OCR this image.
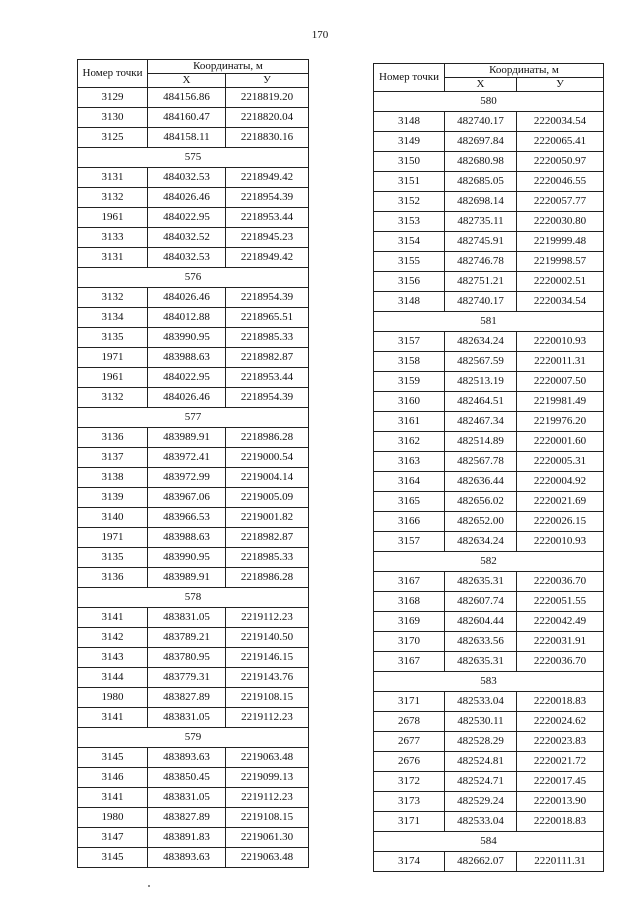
170
Номер точки	Координаты, м	
	X	У
3129	484156.86	2218819.20
3130	484160.47	2218820.04
3125	484158.11	2218830.16
575		
3131	484032.53	2218949.42
3132	484026.46	2218954.39
1961	484022.95	2218953.44
3133	484032.52	2218945.23
3131	484032.53	2218949.42
576		
3132	484026.46	2218954.39
3134	484012.88	2218965.51
3135	483990.95	2218985.33
1971	483988.63	2218982.87
1961	484022.95	2218953.44
3132	484026.46	2218954.39
577		
3136	483989.91	2218986.28
3137	483972.41	2219000.54
3138	483972.99	2219004.14
3139	483967.06	2219005.09
3140	483966.53	2219001.82
1971	483988.63	2218982.87
3135	483990.95	2218985.33
3136	483989.91	2218986.28
578		
3141	483831.05	2219112.23
3142	483789.21	2219140.50
3143	483780.95	2219146.15
3144	483779.31	2219143.76
1980	483827.89	2219108.15
3141	483831.05	2219112.23
579		
3145	483893.63	2219063.48
3146	483850.45	2219099.13
3141	483831.05	2219112.23
1980	483827.89	2219108.15
3147	483891.83	2219061.30
3145	483893.63	2219063.48
Номер точки	Координаты, м	
	X	У
580		
3148	482740.17	2220034.54
3149	482697.84	2220065.41
3150	482680.98	2220050.97
3151	482685.05	2220046.55
3152	482698.14	2220057.77
3153	482735.11	2220030.80
3154	482745.91	2219999.48
3155	482746.78	2219998.57
3156	482751.21	2220002.51
3148	482740.17	2220034.54
581		
3157	482634.24	2220010.93
3158	482567.59	2220011.31
3159	482513.19	2220007.50
3160	482464.51	2219981.49
3161	482467.34	2219976.20
3162	482514.89	2220001.60
3163	482567.78	2220005.31
3164	482636.44	2220004.92
3165	482656.02	2220021.69
3166	482652.00	2220026.15
3157	482634.24	2220010.93
582		
3167	482635.31	2220036.70
3168	482607.74	2220051.55
3169	482604.44	2220042.49
3170	482633.56	2220031.91
3167	482635.31	2220036.70
583		
3171	482533.04	2220018.83
2678	482530.11	2220024.62
2677	482528.29	2220023.83
2676	482524.81	2220021.72
3172	482524.71	2220017.45
3173	482529.24	2220013.90
3171	482533.04	2220018.83
584		
3174	482662.07	2220111.31
